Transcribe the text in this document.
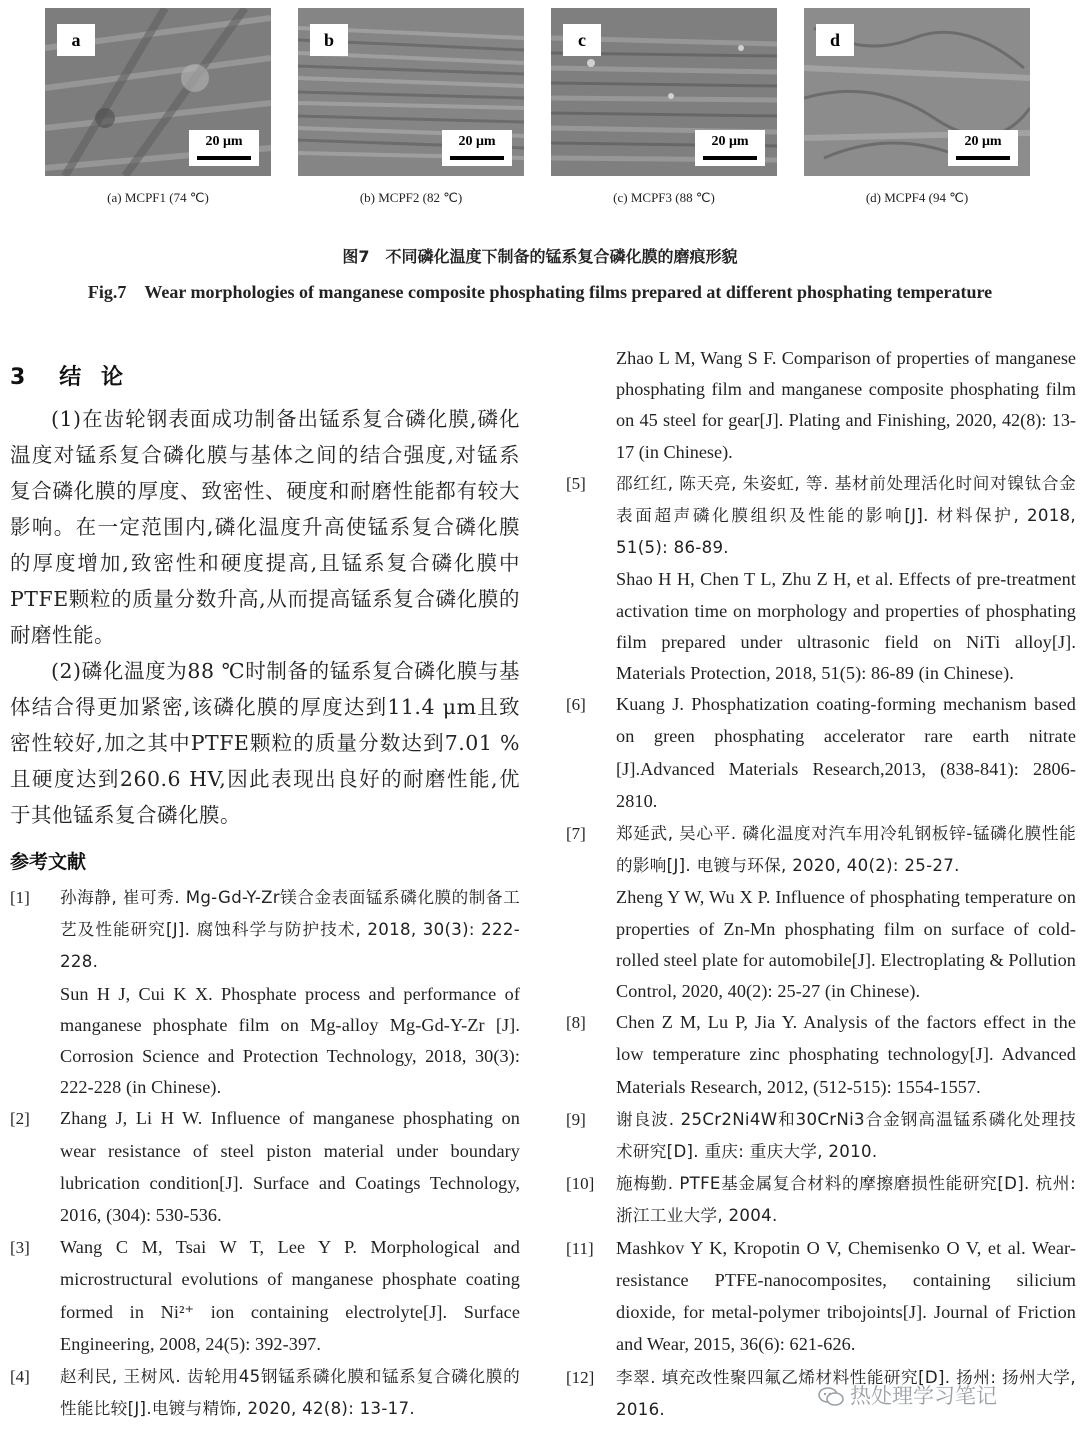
a
20 μm
b
20 μm
c
20 μm
d
20 μm
(a) MCPF1 (74 ℃)	(b) MCPF2 (82 ℃)	(c) MCPF3 (88 ℃)	(d) MCPF4 (94 ℃)
图7　不同磷化温度下制备的锰系复合磷化膜的磨痕形貌
Fig.7　Wear morphologies of manganese composite phosphating films prepared at different phosphating temperature
3　结 论
(1)在齿轮钢表面成功制备出锰系复合磷化膜,磷化温度对锰系复合磷化膜与基体之间的结合强度,对锰系复合磷化膜的厚度、致密性、硬度和耐磨性能都有较大影响。在一定范围内,磷化温度升高使锰系复合磷化膜的厚度增加,致密性和硬度提高,且锰系复合磷化膜中PTFE颗粒的质量分数升高,从而提高锰系复合磷化膜的耐磨性能。
(2)磷化温度为88 ℃时制备的锰系复合磷化膜与基体结合得更加紧密,该磷化膜的厚度达到11.4 μm且致密性较好,加之其中PTFE颗粒的质量分数达到7.01 %且硬度达到260.6 HV,因此表现出良好的耐磨性能,优于其他锰系复合磷化膜。
参考文献
[1] 孙海静, 崔可秀. Mg-Gd-Y-Zr镁合金表面锰系磷化膜的制备工艺及性能研究[J]. 腐蚀科学与防护技术, 2018, 30(3): 222-228.
Sun H J, Cui K X. Phosphate process and performance of manganese phosphate film on Mg-alloy Mg-Gd-Y-Zr [J]. Corrosion Science and Protection Technology, 2018, 30(3): 222-228 (in Chinese).
[2] Zhang J, Li H W. Influence of manganese phosphating on wear resistance of steel piston material under boundary lubrication condition[J]. Surface and Coatings Technology, 2016, (304): 530-536.
[3] Wang C M, Tsai W T, Lee Y P. Morphological and microstructural evolutions of manganese phosphate coating formed in Ni²⁺ ion containing electrolyte[J]. Surface Engineering, 2008, 24(5): 392-397.
[4] 赵利民, 王树风. 齿轮用45钢锰系磷化膜和锰系复合磷化膜的性能比较[J].电镀与精饰, 2020, 42(8): 13-17.
Zhao L M, Wang S F. Comparison of properties of manganese phosphating film and manganese composite phosphating film on 45 steel for gear[J]. Plating and Finishing, 2020, 42(8): 13-17 (in Chinese).
[5] 邵红红, 陈天亮, 朱姿虹, 等. 基材前处理活化时间对镍钛合金表面超声磷化膜组织及性能的影响[J]. 材料保护, 2018, 51(5): 86-89.
Shao H H, Chen T L, Zhu Z H, et al. Effects of pre-treatment activation time on morphology and properties of phosphating film prepared under ultrasonic field on NiTi alloy[J]. Materials Protection, 2018, 51(5): 86-89 (in Chinese).
[6] Kuang J. Phosphatization coating-forming mechanism based on green phosphating accelerator rare earth nitrate [J].Advanced Materials Research,2013, (838-841): 2806-2810.
[7] 郑延武, 吴心平. 磷化温度对汽车用冷轧钢板锌-锰磷化膜性能的影响[J]. 电镀与环保, 2020, 40(2): 25-27.
Zheng Y W, Wu X P. Influence of phosphating temperature on properties of Zn-Mn phosphating film on surface of cold-rolled steel plate for automobile[J]. Electroplating & Pollution Control, 2020, 40(2): 25-27 (in Chinese).
[8] Chen Z M, Lu P, Jia Y. Analysis of the factors effect in the low temperature zinc phosphating technology[J]. Advanced Materials Research, 2012, (512-515): 1554-1557.
[9] 谢良波. 25Cr2Ni4W和30CrNi3合金钢高温锰系磷化处理技术研究[D]. 重庆: 重庆大学, 2010.
[10] 施梅勤. PTFE基金属复合材料的摩擦磨损性能研究[D]. 杭州: 浙江工业大学, 2004.
[11] Mashkov Y K, Kropotin O V, Chemisenko O V, et al. Wear-resistance PTFE-nanocomposites, containing silicium dioxide, for metal-polymer tribojoints[J]. Journal of Friction and Wear, 2015, 36(6): 621-626.
[12] 李翠. 填充改性聚四氟乙烯材料性能研究[D]. 扬州: 扬州大学, 2016.
热处理学习笔记
